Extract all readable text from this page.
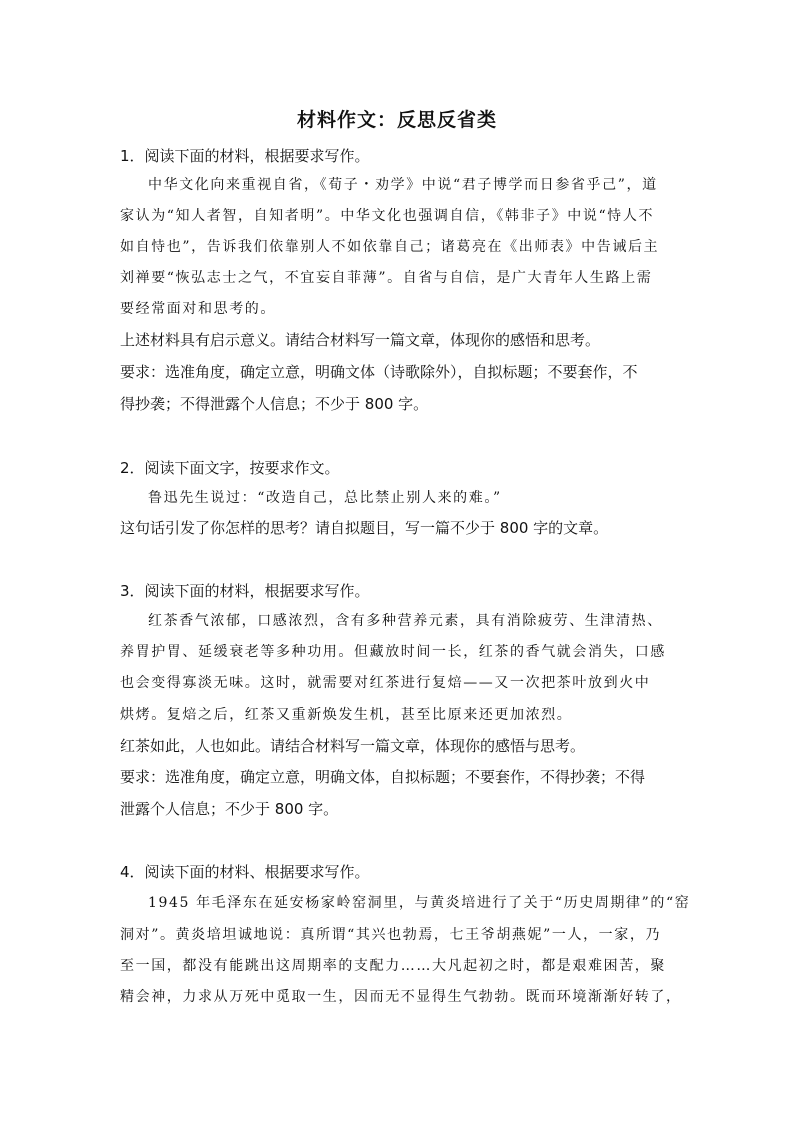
材料作文：反思反省类
1．阅读下面的材料，根据要求写作。
中华文化向来重视自省，《荀子・劝学》中说“君子博学而日参省乎己”，道
家认为“知人者智，自知者明”。中华文化也强调自信，《韩非子》中说“恃人不
如自恃也”，告诉我们依靠别人不如依靠自己；诸葛亮在《出师表》中告诫后主
刘禅要“恢弘志士之气，不宜妄自菲薄”。自省与自信，是广大青年人生路上需
要经常面对和思考的。
上述材料具有启示意义。请结合材料写一篇文章，体现你的感悟和思考。
要求：选准角度，确定立意，明确文体（诗歌除外），自拟标题；不要套作，不
得抄袭；不得泄露个人信息；不少于 800 字。
2．阅读下面文字，按要求作文。
鲁迅先生说过：“改造自己，总比禁止别人来的难。”
这句话引发了你怎样的思考？请自拟题目，写一篇不少于 800 字的文章。
3．阅读下面的材料，根据要求写作。
红茶香气浓郁，口感浓烈，含有多种营养元素，具有消除疲劳、生津清热、
养胃护胃、延缓衰老等多种功用。但藏放时间一长，红茶的香气就会消失，口感
也会变得寡淡无味。这时，就需要对红茶进行复焙——又一次把茶叶放到火中
烘烤。复焙之后，红茶又重新焕发生机，甚至比原来还更加浓烈。
红茶如此，人也如此。请结合材料写一篇文章，体现你的感悟与思考。
要求：选准角度，确定立意，明确文体，自拟标题；不要套作，不得抄袭；不得
泄露个人信息；不少于 800 字。
4．阅读下面的材料、根据要求写作。
1945 年毛泽东在延安杨家岭窑洞里，与黄炎培进行了关于“历史周期律”的“窑
洞对”。黄炎培坦诚地说：真所谓“其兴也勃焉，七王爷胡燕妮”一人，一家，乃
至一国，都没有能跳出这周期率的支配力……大凡起初之时，都是艰难困苦，聚
精会神，力求从万死中觅取一生，因而无不显得生气勃勃。既而环境渐渐好转了，
